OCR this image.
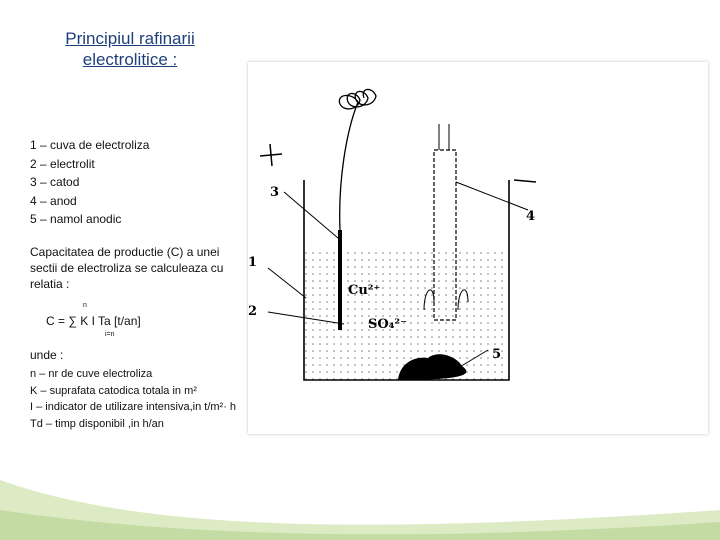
Principiul rafinarii electrolitice :
1 – cuva de electroliza
2 – electrolit
3 – catod
4 – anod
5 – namol anodic
Capacitatea de productie (C) a unei sectii de electroliza se calculeaza cu relatia :
n
C = ∑ K I Ta [t/an]
i=n
unde :
n – nr de cuve electroliza
K – suprafata catodica totala in m²
I – indicator de utilizare intensiva,in t/m²· h
Td – timp disponibil ,in h/an
3
4
1
2
5
Cu²⁺
SO₄²⁻
